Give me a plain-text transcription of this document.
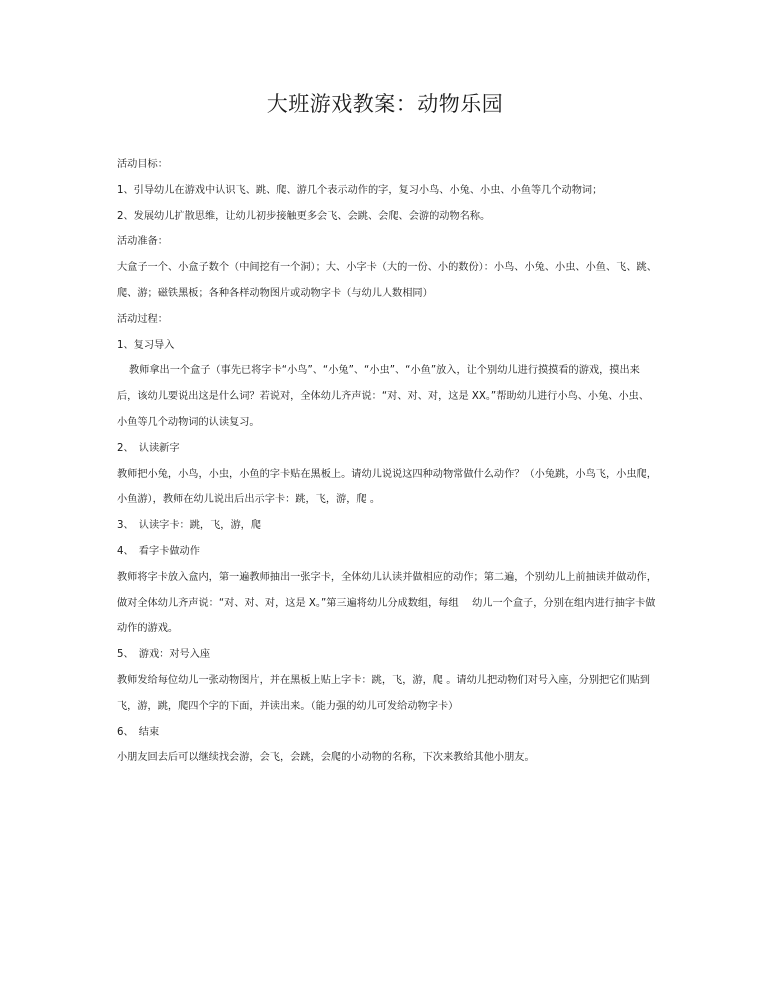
大班游戏教案：动物乐园

活动目标：

1、引导幼儿在游戏中认识飞、跳、爬、游几个表示动作的字，复习小鸟、小兔、小虫、小鱼等几个动物词；

2、发展幼儿扩散思维，让幼儿初步接触更多会飞、会跳、会爬、会游的动物名称。

活动准备：

大盒子一个、小盒子数个（中间挖有一个洞）；大、小字卡（大的一份、小的数份）：小鸟、小兔、小虫、小鱼、飞、跳、爬、游；磁铁黑板；各种各样动物图片或动物字卡（与幼儿人数相同）

活动过程：

1、复习导入

教师拿出一个盒子（事先已将字卡“小鸟”、“小兔”、“小虫”、“小鱼”放入，让个别幼儿进行摸摸看的游戏，摸出来后，该幼儿要说出这是什么词？若说对，全体幼儿齐声说：“对、对、对，这是 XX。”帮助幼儿进行小鸟、小兔、小虫、小鱼等几个动物词的认读复习。

2、　认读新字

教师把小兔，小鸟，小虫，小鱼的字卡贴在黑板上。请幼儿说说这四种动物常做什么动作？（小兔跳，小鸟飞，小虫爬，小鱼游），教师在幼儿说出后出示字卡：跳，飞，游，爬 。

3、　认读字卡：跳，飞，游，爬

4、　看字卡做动作

教师将字卡放入盒内，第一遍教师抽出一张字卡，全体幼儿认读并做相应的动作；第二遍，个别幼儿上前抽读并做动作，做对全体幼儿齐声说：“对、对、对，这是 X。”第三遍将幼儿分成数组，每组　 幼儿一个盒子，分别在组内进行抽字卡做动作的游戏。

5、　游戏：对号入座

教师发给每位幼儿一张动物图片，并在黑板上贴上字卡：跳，飞，游，爬 。请幼儿把动物们对号入座，分别把它们贴到飞，游，跳，爬四个字的下面，并读出来。（能力强的幼儿可发给动物字卡）

6、　结束

小朋友回去后可以继续找会游，会飞，会跳，会爬的小动物的名称，下次来教给其他小朋友。
